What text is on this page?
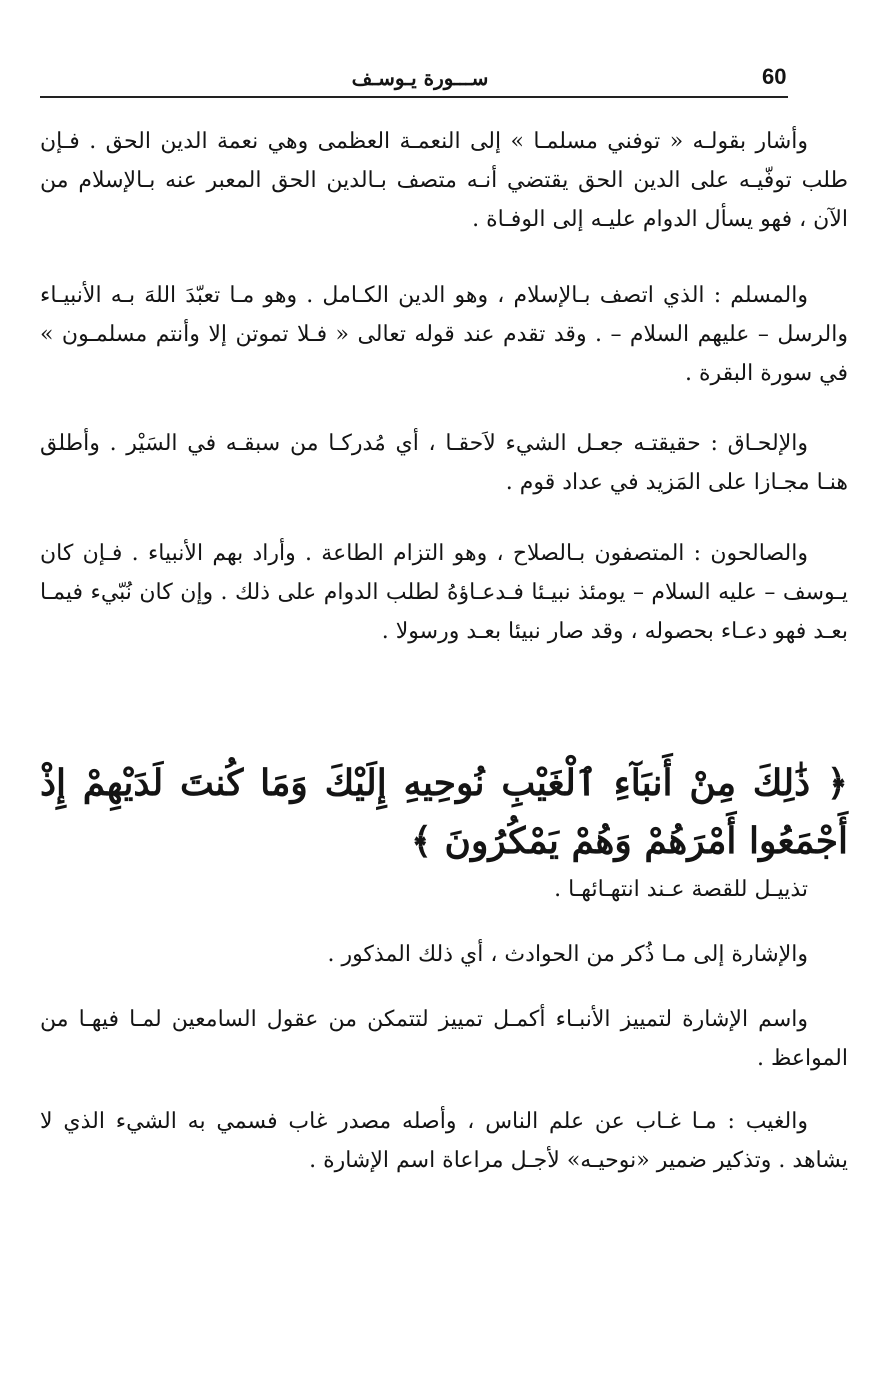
60
ســـورة يـوسـف

وأشار بقولـه « توفني مسلمـا » إلى النعمـة العظمى وهي نعمة الدين الحق . فـإن طلب توفّيـه على الدين الحق يقتضي أنـه متصف بـالدين الحق المعبر عنه بـالإسلام من الآن ، فهو يسأل الدوام عليـه إلى الوفـاة .

والمسلم : الذي اتصف بـالإسلام ، وهو الدين الكـامل . وهو مـا تعبّدَ اللهَ بـه الأنبيـاء والرسل – عليهم السلام – . وقد تقدم عند قوله تعالى « فـلا تموتن إلا وأنتم مسلمـون » في سورة البقرة .

والإلحـاق : حقيقتـه جعـل الشيء لاَحقـا ، أي مُدركـا من سبقـه في السَيْر . وأطلق هنـا مجـازا على المَزيد في عداد قوم .

والصالحون : المتصفون بـالصلاح ، وهو التزام الطاعة . وأراد بهم الأنبياء . فـإن كان يـوسف – عليه السلام – يومئذ نبيـئا فـدعـاؤهُ لطلب الدوام على ذلك . وإن كان نُبّيء فيمـا بعـد فهو دعـاء بحصوله ، وقد صار نبيئا بعـد ورسولا .

﴿ ذَٰلِكَ مِنْ أَنبَآءِ ٱلْغَيْبِ نُوحِيهِ إِلَيْكَ وَمَا كُنتَ لَدَيْهِمْ إِذْ أَجْمَعُوا أَمْرَهُمْ وَهُمْ يَمْكُرُونَ ﴾

تذييـل للقصة عـند انتهـائهـا .

والإشارة إلى مـا ذُكر من الحوادث ، أي ذلك المذكور .

واسم الإشارة لتمييز الأنبـاء أكمـل تمييز لتتمكن من عقول السامعين لمـا فيهـا من المواعظ .

والغيب : مـا غـاب عن علم الناس ، وأصله مصدر غاب فسمي به الشيء الذي لا يشاهد . وتذكير ضمير «نوحيـه» لأجـل مراعاة اسم الإشارة .
